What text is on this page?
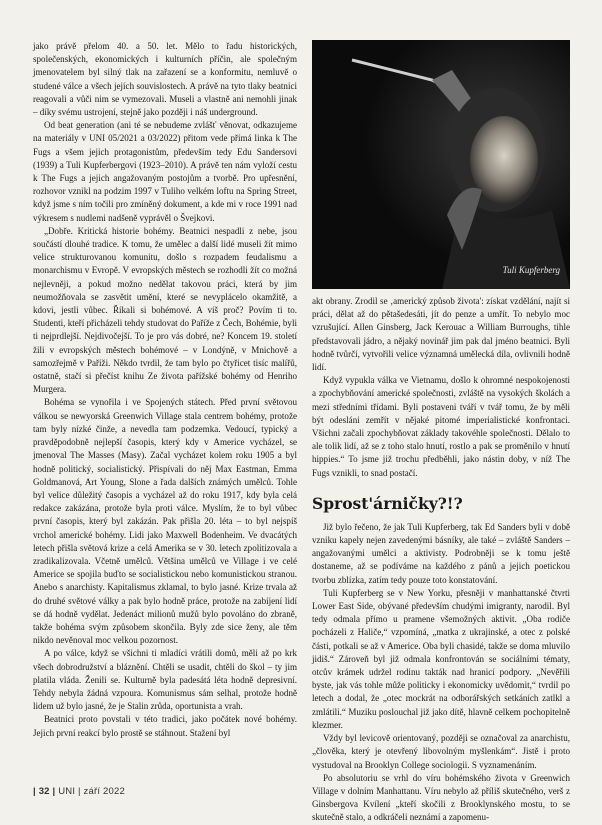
jako právě přelom 40. a 50. let. Mělo to řadu historických, společenských, ekonomických i kulturních příčin, ale společným jmenovatelem byl silný tlak na zařazení se a konformitu, nemluvě o studené válce a všech jejích souvislostech. A právě na tyto tlaky beatnici reagovali a vůči nim se vymezovali. Museli a vlastně ani nemohli jinak – díky svému ustrojení, stejně jako později i náš underground.

Od beat generation (ani té se nebudeme zvlášť věnovat, odkazujeme na materiály v UNI 05/2021 a 03/2022) přitom vede přímá linka k The Fugs a všem jejich protagonistům, především tedy Edu Sandersovi (1939) a Tuli Kupferbergovi (1923–2010). A právě ten nám vyloží cestu k The Fugs a jejich angažovaným postojům a tvorbě. Pro upřesnění, rozhovor vznikl na podzim 1997 v Tuliho velkém loftu na Spring Street, když jsme s ním točili pro zmíněný dokument, a kde mi v roce 1991 nad výkresem s nudlemi nadšeně vyprávěl o Švejkovi.

„Dobře. Kritická historie bohémy. Beatnici nespadli z nebe, jsou součástí dlouhé tradice. K tomu, že umělec a další lidé museli žít mimo velice strukturovanou komunitu, došlo s rozpadem feudalismu a monarchismu v Evropě. V evropských městech se rozhodli žít co možná nejlevněji, a pokud možno nedělat takovou práci, která by jim neumožňovala se zasvětit umění, které se nevyplácelo okamžitě, a kdovi, jestli vůbec. Říkali si bohémové. A víš proč? Povím ti to. Studenti, kteří přicházeli tehdy studovat do Paříže z Čech, Bohémie, byli ti nejprdlejší. Nejdivočejší. To je pro vás dobré, ne? Koncem 19. století žili v evropských městech bohémové – v Londýně, v Mnichově a samozřejmě v Paříži. Někdo tvrdil, že tam bylo po čtyřicet tisíc malířů, ostatně, stačí si přečíst knihu Ze života pařížské bohémy od Henriho Murgera.

Bohéma se vynořila i ve Spojených státech. Před první světovou válkou se newyorská Greenwich Village stala centrem bohémy, protože tam byly nízké činže, a nevedla tam podzemka. Vedoucí, typický a pravděpodobně nejlepší časopis, který kdy v Americe vycházel, se jmenoval The Masses (Masy). Začal vycházet kolem roku 1905 a byl hodně politický, socialistický. Přispívali do něj Max Eastman, Emma Goldmanová, Art Young, Slone a řada dalších známých umělců. Tohle byl velice důležitý časopis a vycházel až do roku 1917, kdy byla celá redakce zakázána, protože byla proti válce. Myslím, že to byl vůbec první časopis, který byl zakázán. Pak přišla 20. léta – to byl nejspíš vrchol americké bohémy. Lidi jako Maxwell Bodenheim. Ve dvacátých letech přišla světová krize a celá Amerika se v 30. letech zpolitizovala a zradikalizovala. Včetně umělců. Většina umělců ve Village i ve celé Americe se spojila buďto se socialistickou nebo komunistickou stranou. Anebo s anarchisty. Kapitalismus zklamal, to bylo jasné. Krize trvala až do druhé světové války a pak bylo hodně práce, protože na zabíjení lidí se dá hodně vydělat. Jedenáct milionů mužů bylo povoláno do zbraně, takže bohéma svým způsobem skončila. Byly zde sice ženy, ale těm nikdo nevěnoval moc velkou pozornost.

A po válce, když se všichni ti mladíci vrátili domů, měli až po krk všech dobrodružství a bláznění. Chtěli se usadit, chtěli do škol – ty jim platila vláda. Ženili se. Kulturně byla padesátá léta hodně depresivní. Tehdy nebyla žádná vzpoura. Komunismus sám selhal, protože hodně lidem už bylo jasné, že je Stalin zrůda, oportunista a vrah.

Beatnici proto povstali v této tradici, jako počátek nové bohémy. Jejich první reakcí bylo prostě se stáhnout. Stažení byl

Tuli Kupferberg

akt obrany. Zrodil se ‚americký způsob života': získat vzdělání, najít si práci, dělat až do pětašedesáti, jít do penze a umřít. To nebylo moc vzrušující. Allen Ginsberg, Jack Kerouac a William Burroughs, tihle představovali jádro, a nějaký novinář jim pak dal jméno beatnici. Byli hodně tvůrčí, vytvořili velice významná umělecká díla, ovlivnili hodně lidí.

Když vypukla válka ve Vietnamu, došlo k ohromné nespokojenosti a zpochybňování americké společnosti, zvláště na vysokých školách a mezi středními třídami. Byli postaveni tváří v tvář tomu, že by měli být odesláni zemřít v nějaké pitomé imperialistické konfrontaci. Všichni začali zpochybňovat základy takovéhle společnosti. Dělalo to ale tolik lidí, až se z toho stalo hnutí, rostlo a pak se proměnilo v hnutí hippies.“ To jsme již trochu předběhli, jako nástin doby, v níž The Fugs vznikli, to snad postačí.

Sprost'árničky?!?

Již bylo řečeno, že jak Tuli Kupferberg, tak Ed Sanders byli v době vzniku kapely nejen zavedenými básníky, ale také – zvláště Sanders – angažovanými umělci a aktivisty. Podrobněji se k tomu ještě dostaneme, až se podíváme na každého z pánů a jejich poetickou tvorbu zblízka, zatím tedy pouze toto konstatování.

Tuli Kupferberg se v New Yorku, přesněji v manhattanské čtvrti Lower East Side, obývané především chudými imigranty, narodil. Byl tedy odmala přímo u pramene všemožných aktivit. „Oba rodiče pocházeli z Haliče,“ vzpomíná, „matka z ukrajinské, a otec z polské části, potkali se až v Americe. Oba byli chasidé, takže se doma mluvilo jidiš.“ Zároveň byl již odmala konfrontován se sociálními tématy, otcův krámek udržel rodinu takták nad hranicí podpory. „Nevěřili byste, jak vás tohle může politicky i ekonomicky uvědomit,“ tvrdil po letech a dodal, že „otec mockrát na odborářských setkáních zatlkl a zmlátili.“ Muziku poslouchal již jako dítě, hlavně celkem pochopitelně klezmer.

Vždy byl levicově orientovaný, později se označoval za anarchistu, „člověka, který je otevřený libovolným myšlenkám“. Jistě i proto vystudoval na Brooklyn College sociologii. S vyznamenáním.

Po absolutoriu se vrhl do víru bohémského života v Greenwich Village v dolním Manhattanu. Víru nebylo až příliš skutečného, verš z Ginsbergova Kvílení „kteří skočili z Brooklynského mostu, to se skutečně stalo, a odkráčeli neznámí a zapomenu-

| 32 | UNI | září 2022
